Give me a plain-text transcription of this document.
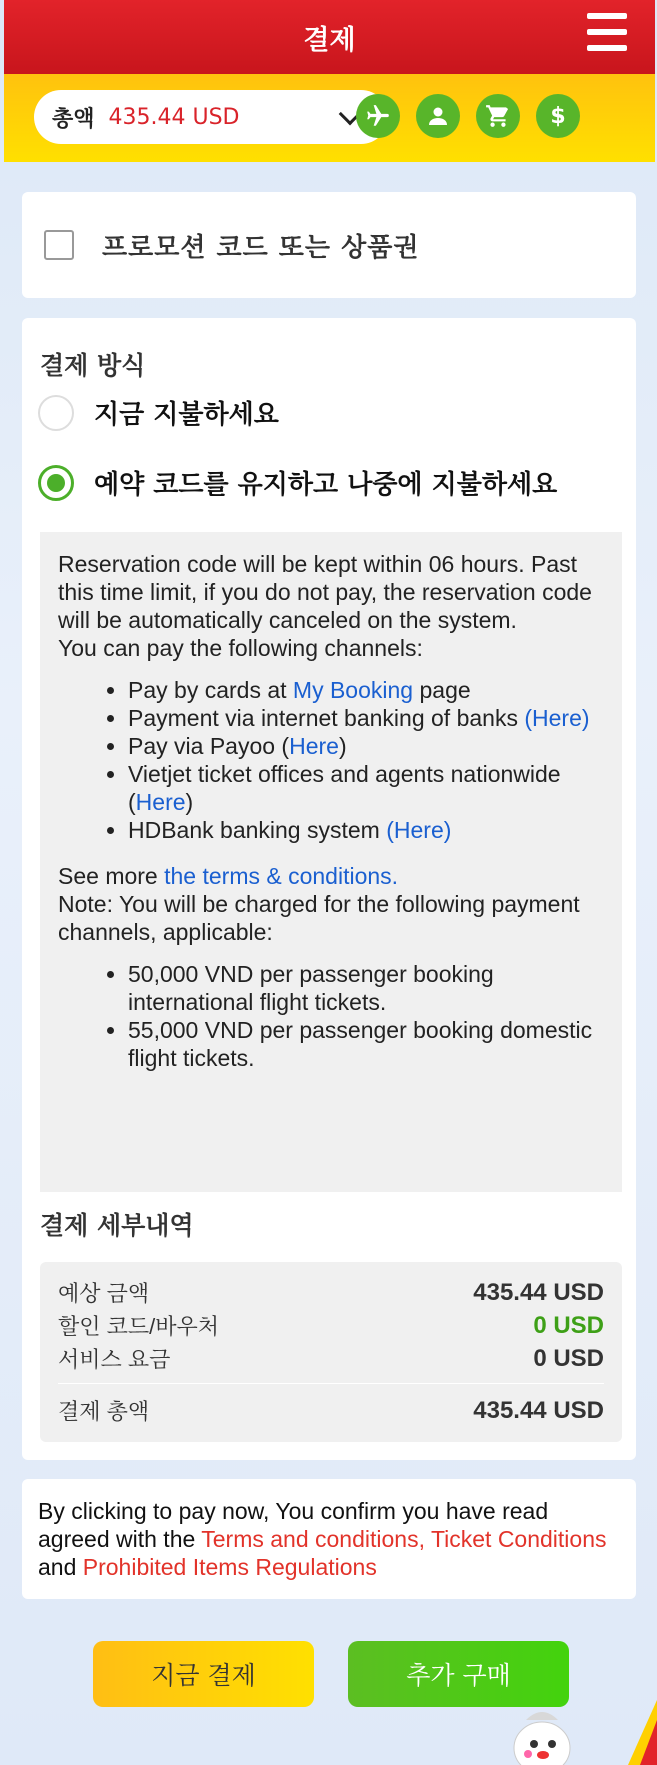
결제
총액 435.44 USD	$
프로모션 코드 또는 상품권
결제 방식
지금 지불하세요
예약 코드를 유지하고 나중에 지불하세요

Reservation code will be kept within 06 hours. Past this time limit, if you do not pay, the reservation code will be automatically canceled on the system.

You can pay the following channels:

• Pay by cards at My Booking page
• Payment via internet banking of banks (Here)
• Pay via Payoo (Here)
• Vietjet ticket offices and agents nationwide (Here)
• HDBank banking system (Here)

See more the terms & conditions.

Note: You will be charged for the following payment channels, applicable:

• 50,000 VND per passenger booking international flight tickets.
• 55,000 VND per passenger booking domestic flight tickets.
결제 세부내역
예상 금액	435.44 USD
할인 코드/바우처	0 USD
서비스 요금	0 USD
결제 총액	435.44 USD
By clicking to pay now, You confirm you have read agreed with the Terms and conditions, Ticket Conditions and Prohibited Items Regulations
지금 결제	추가 구매
